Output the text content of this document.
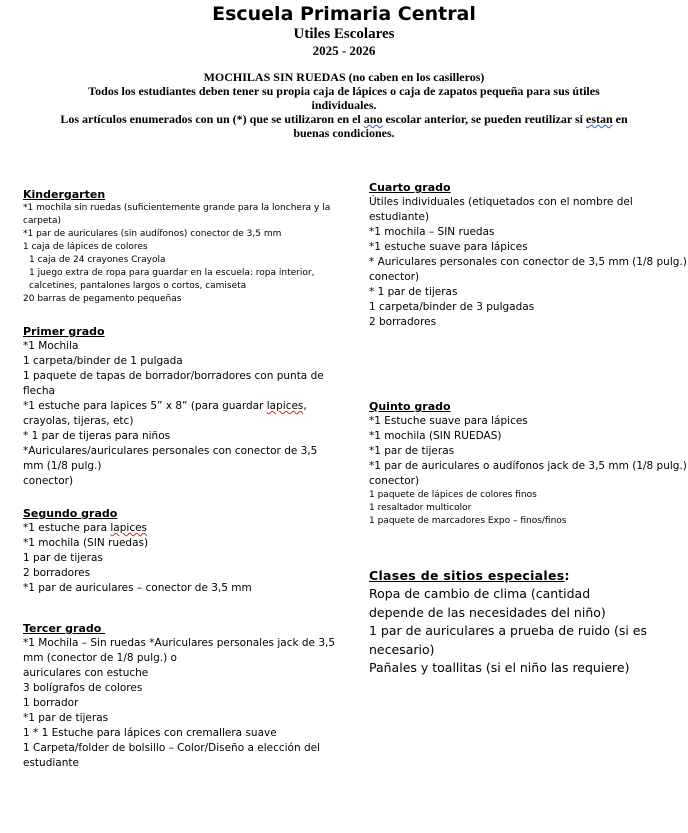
Escuela Primaria Central
Utiles Escolares
2025 - 2026

MOCHILAS SIN RUEDAS (no caben en los casilleros)

Todos los estudiantes deben tener su propia caja de lápices o caja de zapatos pequeña para sus útiles individuales.

Los artículos enumerados con un (*) que se utilizaron en el ano escolar anterior, se pueden reutilizar si estan en buenas condiciones.

Kindergarten
*1 mochila sin ruedas (suficientemente grande para la lonchera y la
carpeta)
*1 par de auriculares (sin audífonos) conector de 3,5 mm
1 caja de lápices de colores
1 caja de 24 crayones Crayola
1 juego extra de ropa para guardar en la escuela: ropa interior,
calcetines, pantalones largos o cortos, camiseta
20 barras de pegamento pequeñas
Primer grado
*1 Mochila
1 carpeta/binder de 1 pulgada
1 paquete de tapas de borrador/borradores con punta de
flecha
*1 estuche para lapices 5” x 8” (para guardar lapices,
crayolas, tijeras, etc)
* 1 par de tijeras para niños
*Auriculares/auriculares personales con conector de 3,5
mm (1/8 pulg.)
conector)
Segundo grado
*1 estuche para lapices
*1 mochila (SIN ruedas)
1 par de tijeras
2 borradores
*1 par de auriculares – conector de 3,5 mm
Tercer grado
*1 Mochila – Sin ruedas *Auriculares personales jack de 3,5
mm (conector de 1/8 pulg.) o
auriculares con estuche
3 bolígrafos de colores
1 borrador
*1 par de tijeras
1 * 1 Estuche para lápices con cremallera suave
1 Carpeta/folder de bolsillo – Color/Diseño a elección del
estudiante
Cuarto grado
Útiles individuales (etiquetados con el nombre del
estudiante)
*1 mochila – SIN ruedas
*1 estuche suave para lápices
* Auriculares personales con conector de 3,5 mm (1/8 pulg.)
conector)
* 1 par de tijeras
1 carpeta/binder de 3 pulgadas
2 borradores
Quinto grado
*1 Estuche suave para lápices
*1 mochila (SIN RUEDAS)
*1 par de tijeras
*1 par de auriculares o audífonos jack de 3,5 mm (1/8 pulg.)
conector)
1 paquete de lápices de colores finos
1 resaltador multicolor
1 paquete de marcadores Expo – finos/finos
Clases de sitios especiales:
Ropa de cambio de clima (cantidad
depende de las necesidades del niño)
1 par de auriculares a prueba de ruido (si es
necesario)
Pañales y toallitas (si el niño las requiere)
